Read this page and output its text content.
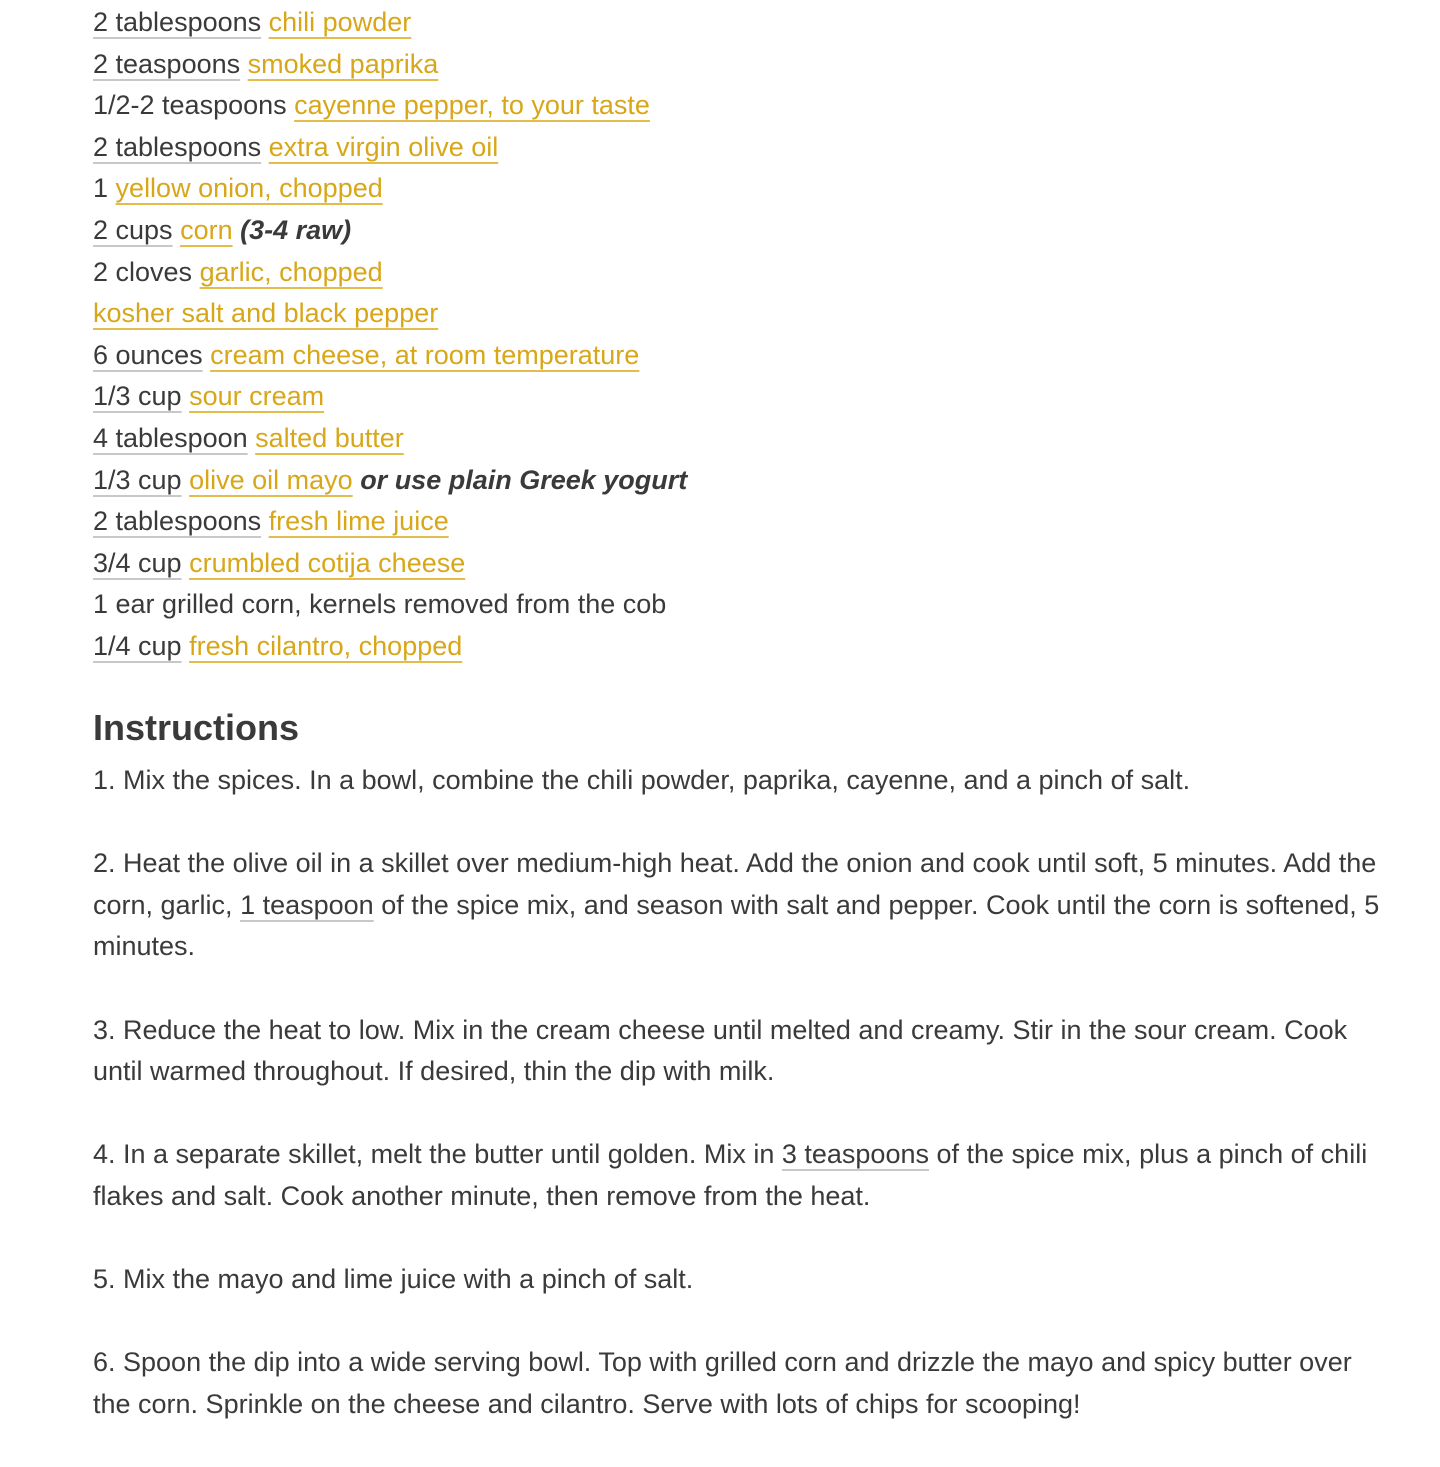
2 tablespoons chili powder
2 teaspoons smoked paprika
1/2-2 teaspoons cayenne pepper, to your taste
2 tablespoons extra virgin olive oil
1 yellow onion, chopped
2 cups corn (3-4 raw)
2 cloves garlic, chopped
kosher salt and black pepper
6 ounces cream cheese, at room temperature
1/3 cup sour cream
4 tablespoon salted butter
1/3 cup olive oil mayo or use plain Greek yogurt
2 tablespoons fresh lime juice
3/4 cup crumbled cotija cheese
1 ear grilled corn, kernels removed from the cob
1/4 cup fresh cilantro, chopped
Instructions

1. Mix the spices. In a bowl, combine the chili powder, paprika, cayenne, and a pinch of salt.

2. Heat the olive oil in a skillet over medium-high heat. Add the onion and cook until soft, 5 minutes. Add the corn, garlic, 1 teaspoon of the spice mix, and season with salt and pepper. Cook until the corn is softened, 5 minutes.

3. Reduce the heat to low. Mix in the cream cheese until melted and creamy. Stir in the sour cream. Cook until warmed throughout. If desired, thin the dip with milk.

4. In a separate skillet, melt the butter until golden. Mix in 3 teaspoons of the spice mix, plus a pinch of chili flakes and salt. Cook another minute, then remove from the heat.

5. Mix the mayo and lime juice with a pinch of salt.

6. Spoon the dip into a wide serving bowl. Top with grilled corn and drizzle the mayo and spicy butter over the corn. Sprinkle on the cheese and cilantro. Serve with lots of chips for scooping!
